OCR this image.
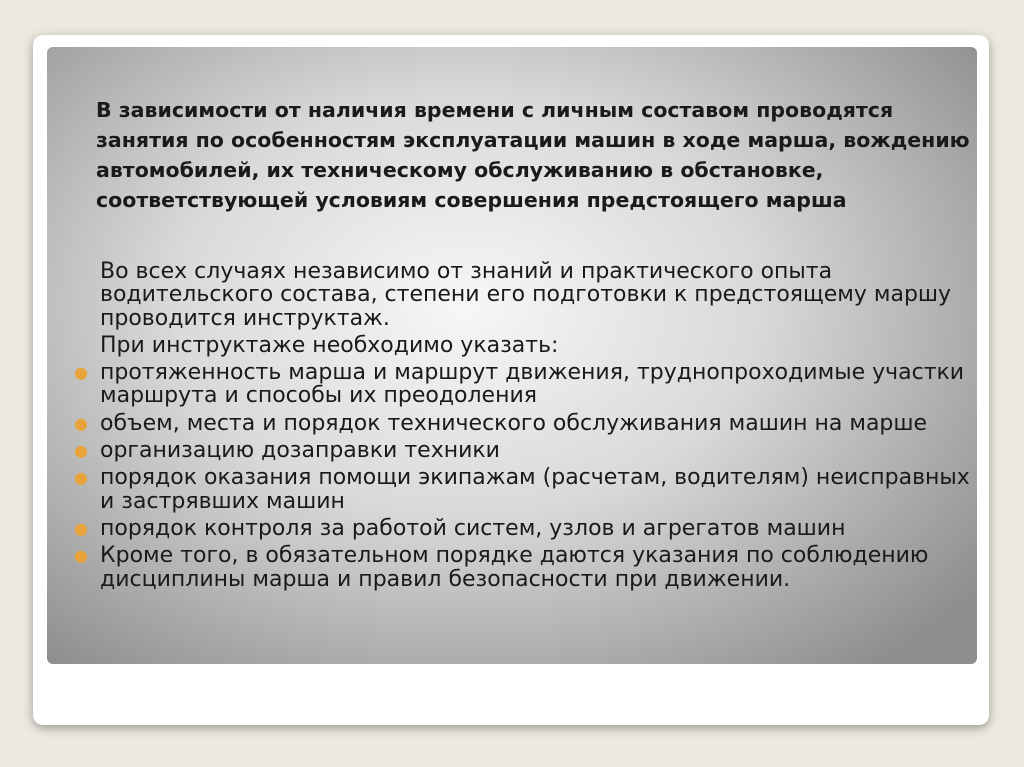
В зависимости от наличия времени с личным составом проводятся занятия по особенностям эксплуатации машин в ходе марша, вождению автомобилей, их техническому обслуживанию в обстановке, соответствующей условиям совершения предстоящего марша

Во всех случаях независимо от знаний и практического опыта водительского состава, степени его подготовки к предстоящему маршу проводится инструктаж.

При инструктаже необходимо указать:

● протяженность марша и маршрут движения, труднопроходимые участки маршрута и способы их преодоления
● объем, места и порядок технического обслуживания машин на марше
● организацию дозаправки техники
● порядок оказания помощи экипажам (расчетам, водителям) неисправных и застрявших машин
● порядок контроля за работой систем, узлов и агрегатов машин
● Кроме того, в обязательном порядке даются указания по соблюдению дисциплины марша и правил безопасности при движении.
